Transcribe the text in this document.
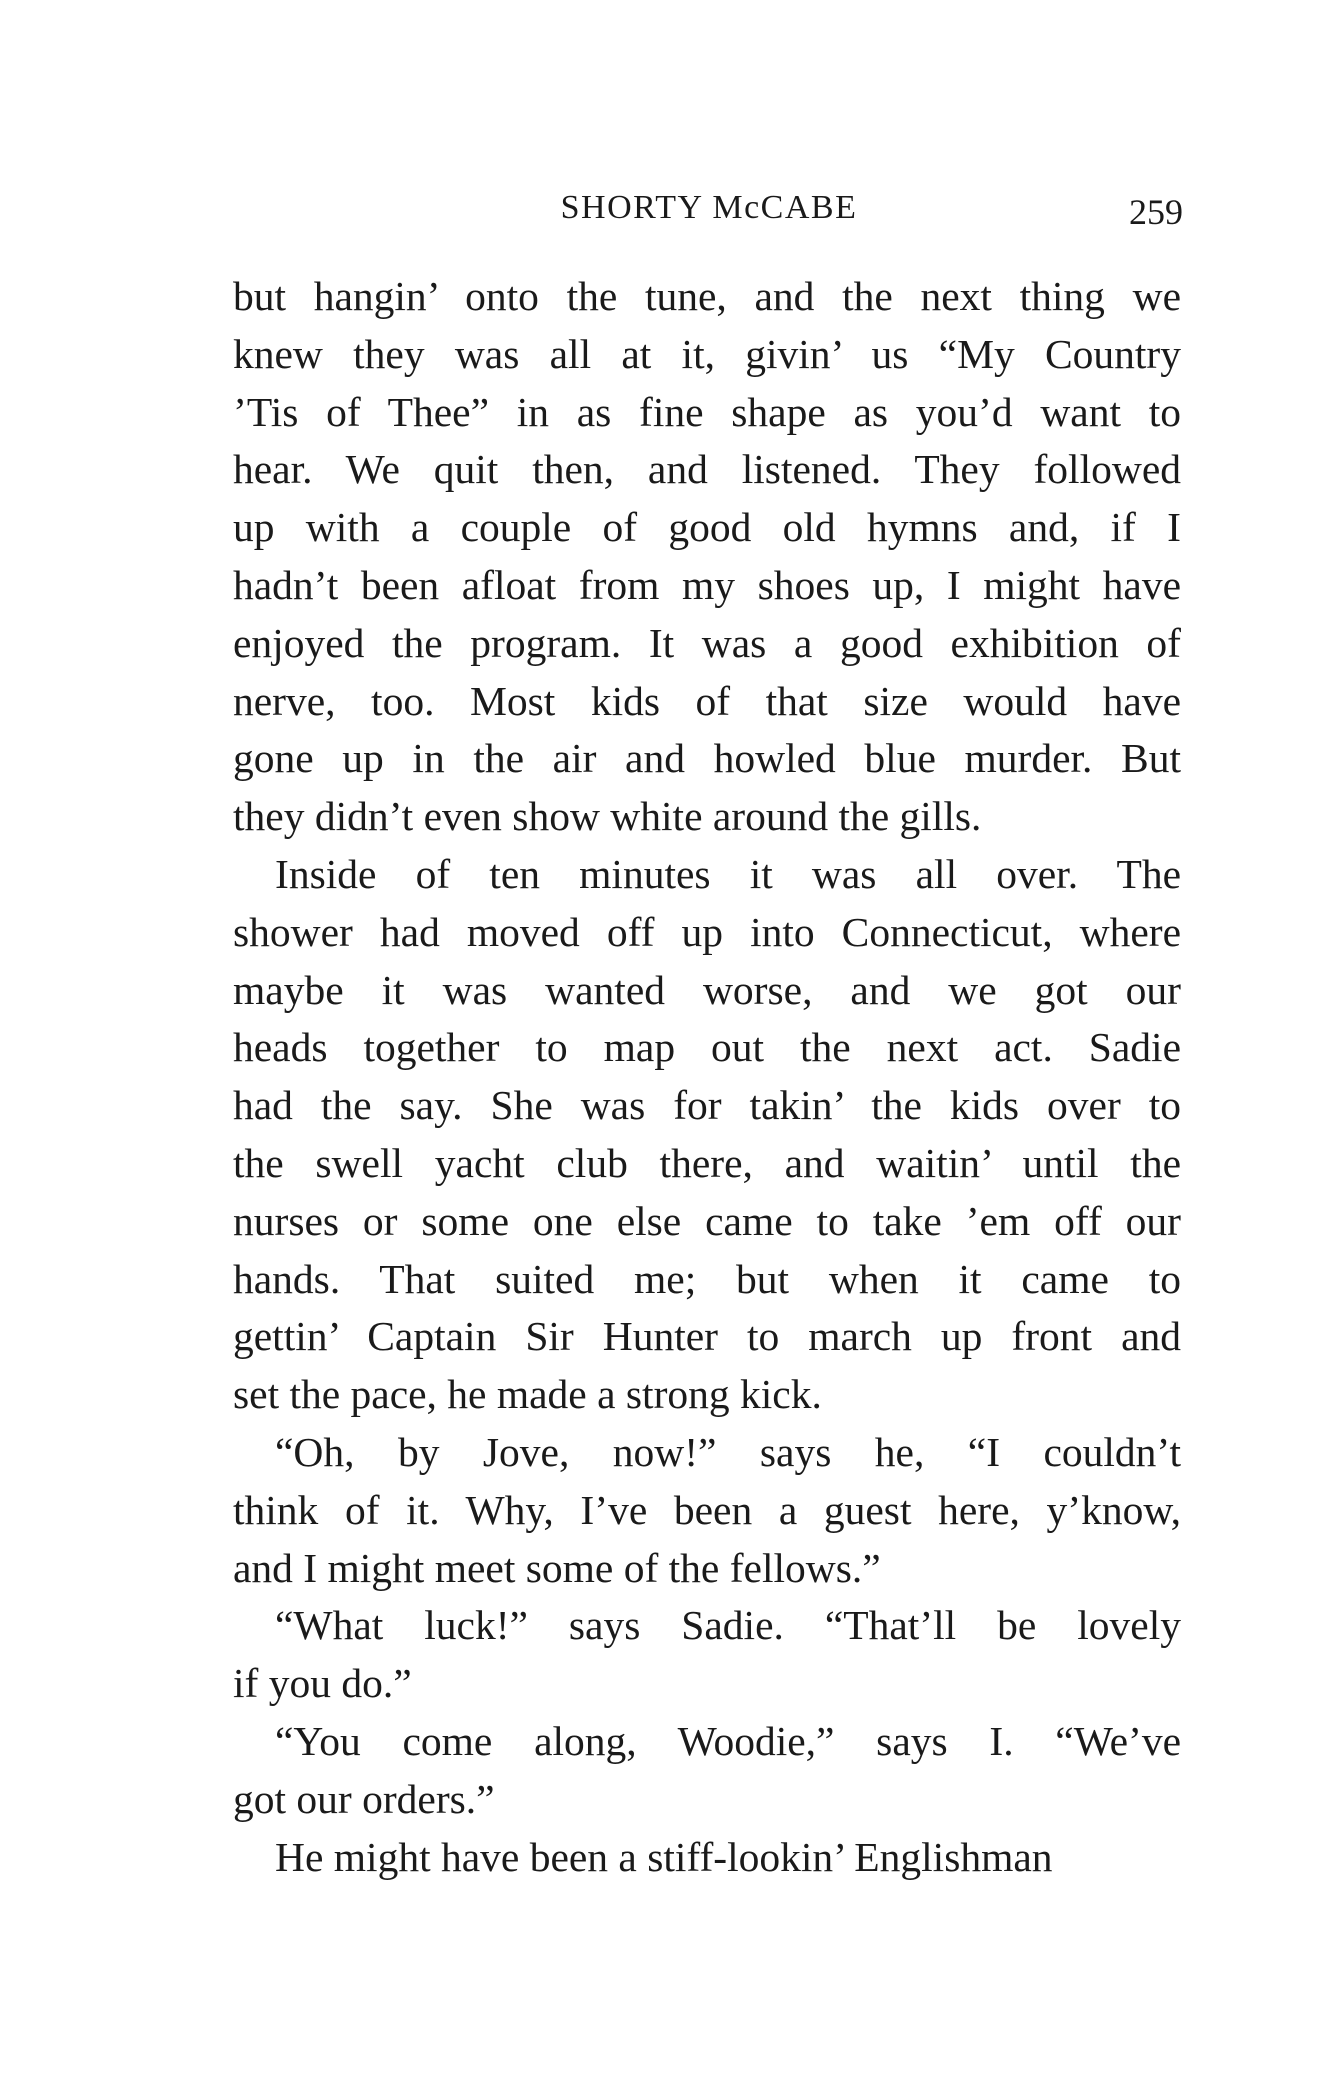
SHORTY McCABE	259
but hangin’ onto the tune, and the next thing we
knew they was all at it, givin’ us “My Country
’Tis of Thee” in as fine shape as you’d want to
hear. We quit then, and listened. They followed
up with a couple of good old hymns and, if I
hadn’t been afloat from my shoes up, I might have
enjoyed the program. It was a good exhibition of
nerve, too. Most kids of that size would have
gone up in the air and howled blue murder. But
they didn’t even show white around the gills.
Inside of ten minutes it was all over. The
shower had moved off up into Connecticut, where
maybe it was wanted worse, and we got our
heads together to map out the next act. Sadie
had the say. She was for takin’ the kids over to
the swell yacht club there, and waitin’ until the
nurses or some one else came to take ’em off our
hands. That suited me; but when it came to
gettin’ Captain Sir Hunter to march up front and
set the pace, he made a strong kick.
“Oh, by Jove, now!” says he, “I couldn’t
think of it. Why, I’ve been a guest here, y’know,
and I might meet some of the fellows.”
“What luck!” says Sadie. “That’ll be lovely
if you do.”
“You come along, Woodie,” says I. “We’ve
got our orders.”
He might have been a stiff-lookin’ Englishman
